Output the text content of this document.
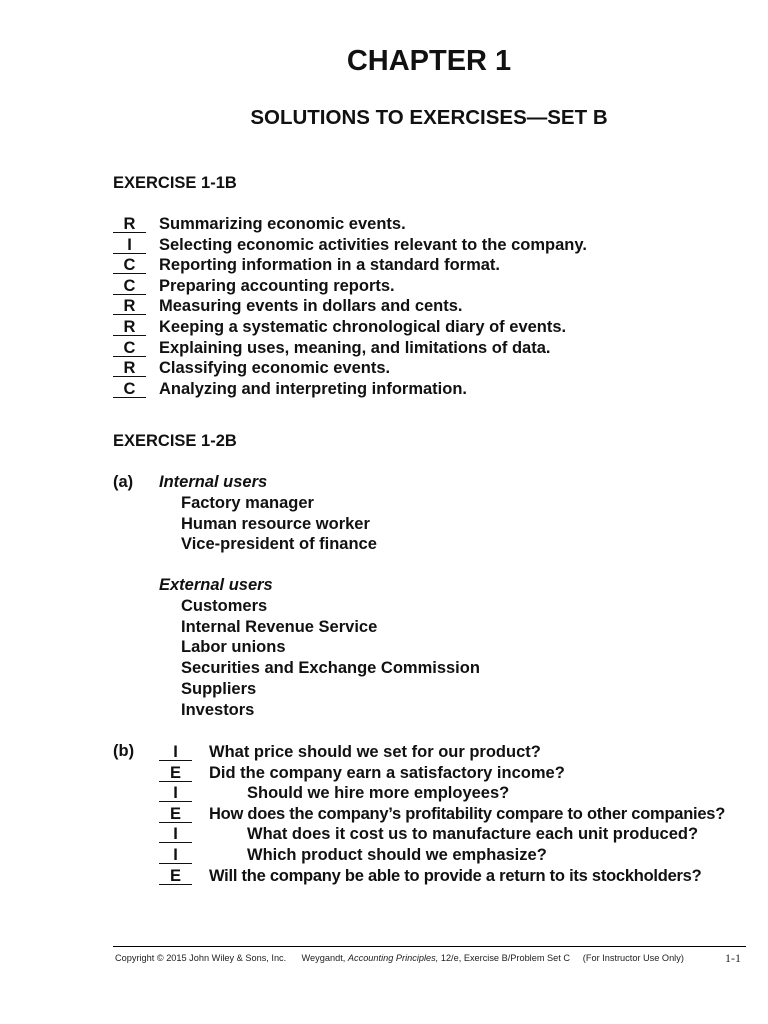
CHAPTER 1
SOLUTIONS TO EXERCISES—SET B
EXERCISE 1-1B
R	Summarizing economic events.
I	Selecting economic activities relevant to the company.
C	Reporting information in a standard format.
C	Preparing accounting reports.
R	Measuring events in dollars and cents.
R	Keeping a systematic chronological diary of events.
C	Explaining uses, meaning, and limitations of data.
R	Classifying economic events.
C	Analyzing and interpreting information.
EXERCISE 1-2B
(a) Internal users
Factory manager
Human resource worker
Vice-president of finance
External users
Customers
Internal Revenue Service
Labor unions
Securities and Exchange Commission
Suppliers
Investors
(b)	I	What price should we set for our product?
E	Did the company earn a satisfactory income?
I	Should we hire more employees?
E	How does the company’s profitability compare to other companies?
I	What does it cost us to manufacture each unit produced?
I	Which product should we emphasize?
E	Will the company be able to provide a return to its stockholders?
Copyright © 2015 John Wiley & Sons, Inc. Weygandt, Accounting Principles, 12/e, Exercise B/Problem Set C (For Instructor Use Only)	1-1
